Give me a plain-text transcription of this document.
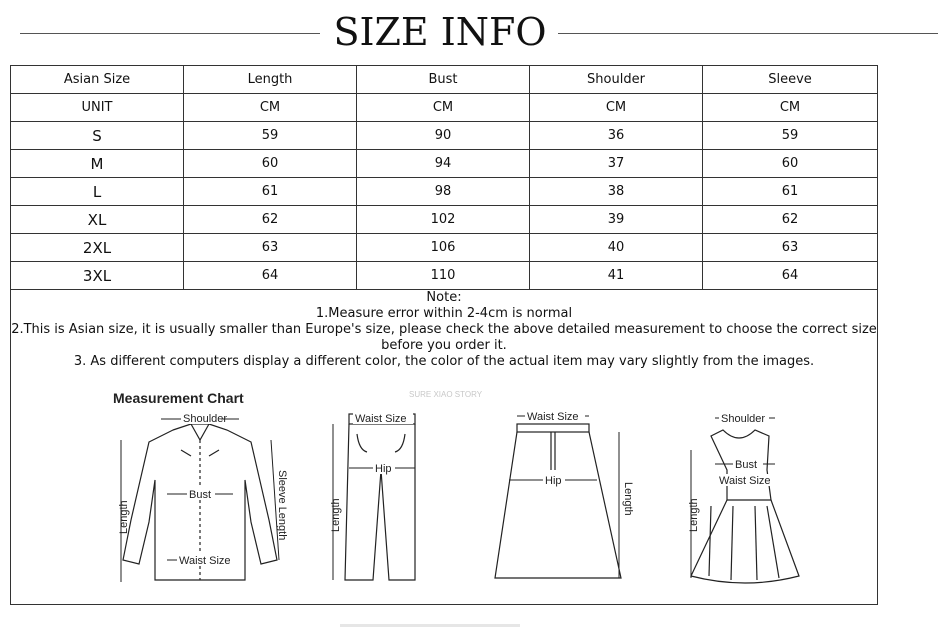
SIZE INFO
Asian Size	Length	Bust	Shoulder	Sleeve
UNIT	CM	CM	CM	CM
S	59	90	36	59
M	60	94	37	60
L	61	98	38	61
XL	62	102	39	62
2XL	63	106	40	63
3XL	64	110	41	64
Note:
1.Measure error within 2-4cm is normal
2.This is Asian size, it is usually smaller than Europe's size, please check the above detailed measurement to choose the correct size before you order it.
3. As different computers display a different color, the color of the actual item may vary slightly from the images.
Measurement Chart	SURE XIAO STORY
Shoulder
Bust
Length	Sleeve Length
Waist Size
Waist Size
Hip
Length
Waist Size
Hip
Length
Shoulder
Bust
Waist Size
Length
